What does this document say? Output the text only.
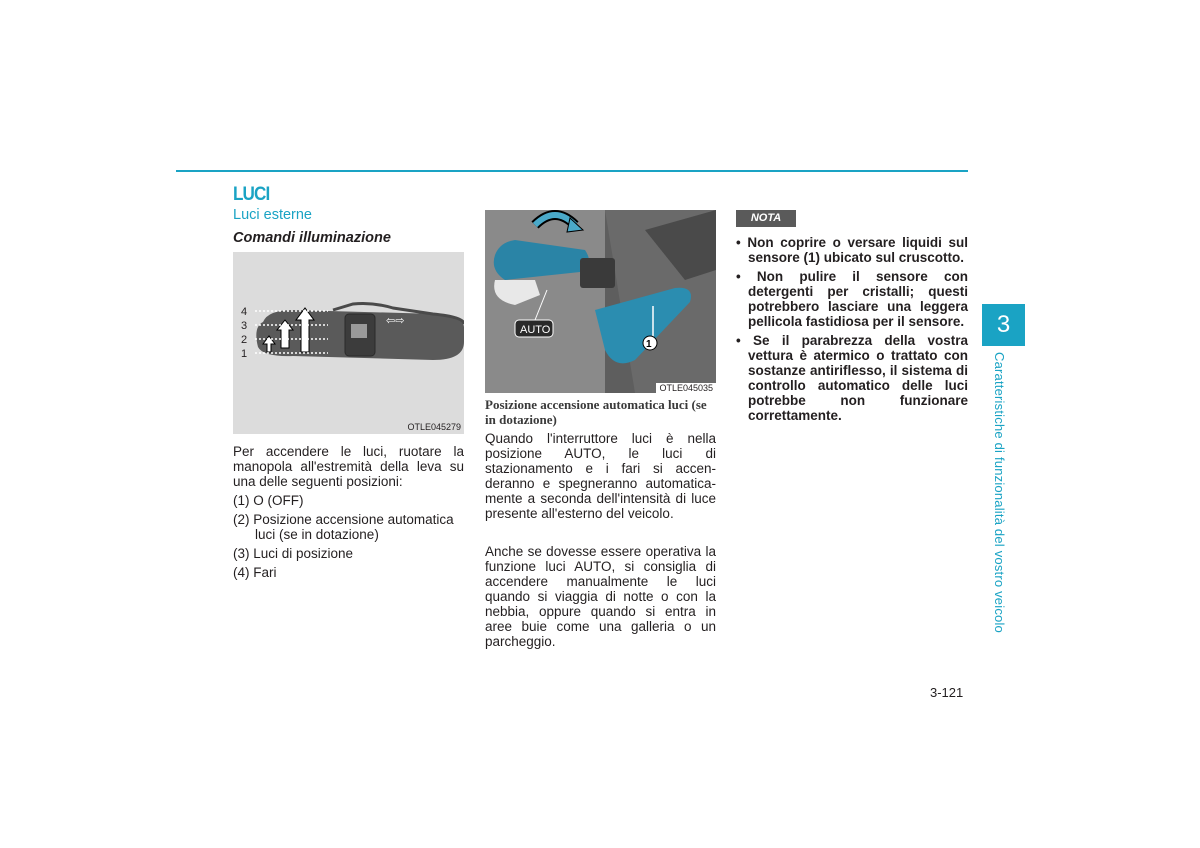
LUCI
Luci esterne
Comandi illuminazione
4
3
2
1
⇦⇨
OTLE045279
1
AUTO
OTLE045035
Posizione accensione automatica luci (se in dotazione)
Per accendere le luci, ruotare la manopola all'estremità della leva su una delle seguenti posizioni:
(1) O (OFF)
(2) Posizione accensione automatica luci (se in dotazione)
(3) Luci di posizione
(4) Fari
Quando l'interruttore luci è nella posizione AUTO, le luci di stazionamento e i fari si accen-deranno e spegneranno automatica-mente a seconda dell'intensità di luce presente all'esterno del veicolo.
Anche se dovesse essere operativa la funzione luci AUTO, si consiglia di accendere manualmente le luci quando si viaggia di notte o con la nebbia, oppure quando si entra in aree buie come una galleria o un parcheggio.
NOTA
• Non coprire o versare liquidi sul sensore (1) ubicato sul cruscotto.
• Non pulire il sensore con detergenti per cristalli; questi potrebbero lasciare una leggera pellicola fastidiosa per il sensore.
• Se il parabrezza della vostra vettura è atermico o trattato con sostanze antiriflesso, il sistema di controllo automatico delle luci potrebbe non funzionare correttamente.
3
Caratteristiche di funzionalità del vostro veicolo
3-121
